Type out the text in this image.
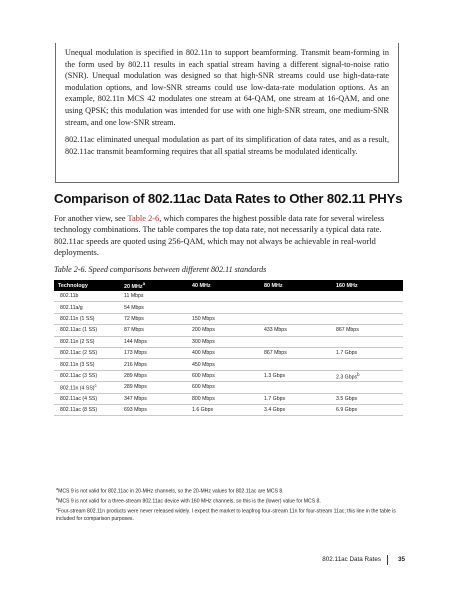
Unequal modulation is specified in 802.11n to support beamforming. Transmit beam-forming in the form used by 802.11 results in each spatial stream having a different signal-to-noise ratio (SNR). Unequal modulation was designed so that high-SNR streams could use high-data-rate modulation options, and low-SNR streams could use low-data-rate modulation options. As an example, 802.11n MCS 42 modulates one stream at 64-QAM, one stream at 16-QAM, and one using QPSK; this modulation was intended for use with one high-SNR stream, one medium-SNR stream, and one low-SNR stream.

802.11ac eliminated unequal modulation as part of its simplification of data rates, and as a result, 802.11ac transmit beamforming requires that all spatial streams be modulated identically.

Comparison of 802.11ac Data Rates to Other 802.11 PHYs

For another view, see Table 2-6, which compares the highest possible data rate for several wireless technology combinations. The table compares the top data rate, not necessarily a typical data rate. 802.11ac speeds are quoted using 256-QAM, which may not always be achievable in real-world deployments.

Table 2-6. Speed comparisons between different 802.11 standards

Technology	20 MHz$^a$	40 MHz	80 MHz	160 MHz
802.11b	11 Mbps			
802.11a/g	54 Mbps			
802.11n (1 SS)	72 Mbps	150 Mbps		
802.11ac (1 SS)	87 Mbps	200 Mbps	433 Mbps	867 Mbps
802.11n (2 SS)	144 Mbps	300 Mbps		
802.11ac (2 SS)	173 Mbps	400 Mbps	867 Mbps	1.7 Gbps
802.11n (3 SS)	216 Mbps	450 Mbps		
802.11ac (3 SS)	289 Mbps	600 Mbps	1.3 Gbps	2.3 Gbps$^b$
802.11n (4 SS)$^c$	289 Mbps	600 Mbps		
802.11ac (4 SS)	347 Mbps	800 Mbps	1.7 Gbps	3.5 Gbps
802.11ac (8 SS)	693 Mbps	1.6 Gbps	3.4 Gbps	6.9 Gbps

$^a$MCS 9 is not valid for 802.11ac in 20-MHz channels, so the 20-MHz values for 802.11ac are MCS 8.

$^b$MCS 9 is not valid for a three-stream 802.11ac device with 160 MHz channels, so this is the (lower) value for MCS 8.

$^c$Four-stream 802.11n products were never released widely. I expect the market to leapfrog four-stream 11n for four-stream 11ac; this line in the table is included for comparison purposes.

802.11ac Data Rates	35
